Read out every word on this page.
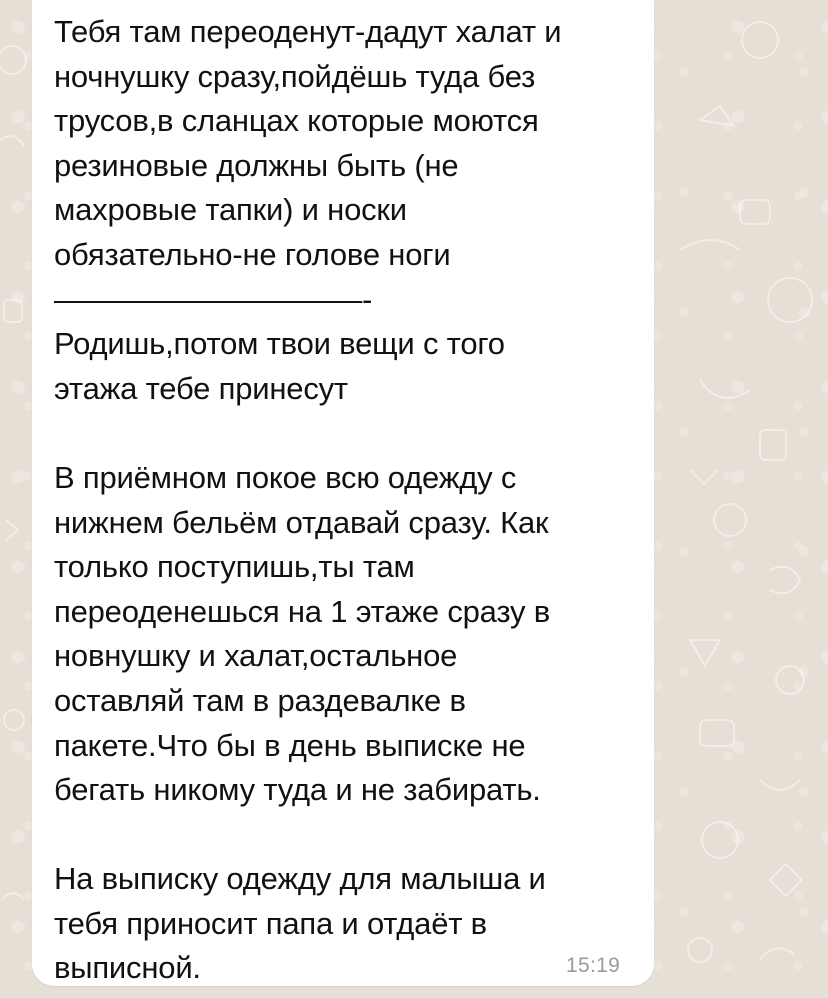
Тебя там переоденут-дадут халат и
ночнушку сразу,пойдёшь туда без
трусов,в сланцах которые моются
резиновые должны быть (не
махровые тапки) и носки
обязательно-не голове ноги
——————————-
Родишь,потом твои вещи с того
этажа тебе принесут

В приёмном покое всю одежду с
нижнем бельём отдавай сразу. Как
только поступишь,ты там
переоденешься на 1 этаже сразу в
новнушку и халат,остальное
оставляй там в раздевалке в
пакете.Что бы в день выписке не
бегать никому туда и не забирать.

На выписку одежду для малыша и
тебя приносит папа и отдаёт в
выписной.	15:19
